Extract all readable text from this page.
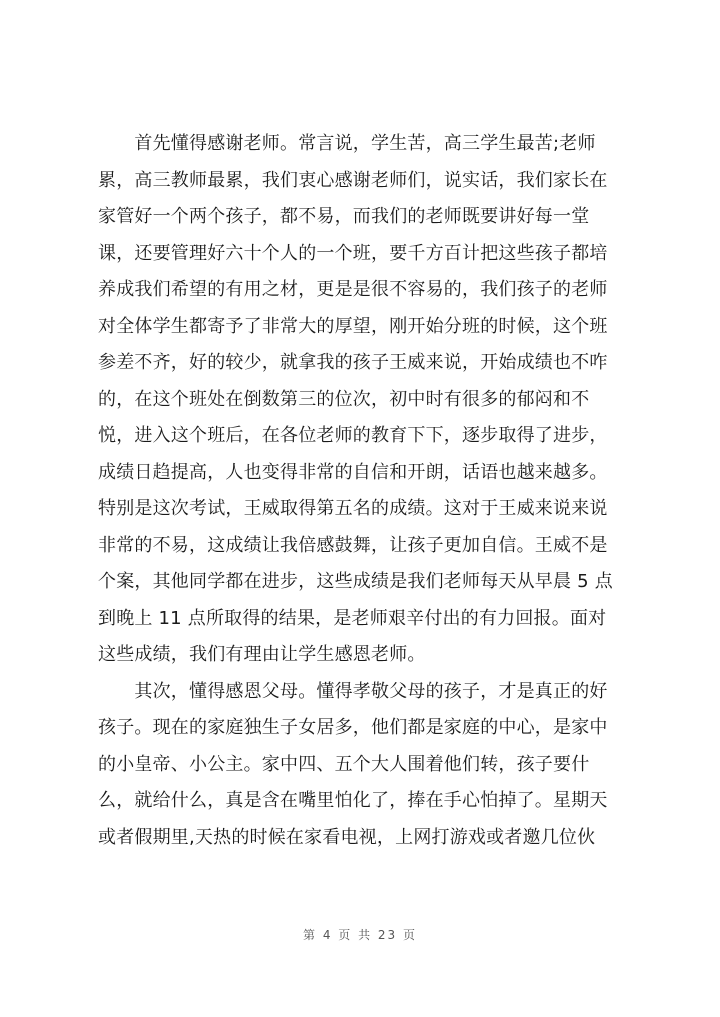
　　首先懂得感谢老师。常言说，学生苦，高三学生最苦;老师
累，高三教师最累，我们衷心感谢老师们，说实话，我们家长在
家管好一个两个孩子，都不易，而我们的老师既要讲好每一堂
课，还要管理好六十个人的一个班，要千方百计把这些孩子都培
养成我们希望的有用之材，更是是很不容易的，我们孩子的老师
对全体学生都寄予了非常大的厚望，刚开始分班的时候，这个班
参差不齐，好的较少，就拿我的孩子王威来说，开始成绩也不咋
的，在这个班处在倒数第三的位次，初中时有很多的郁闷和不
悦，进入这个班后，在各位老师的教育下下，逐步取得了进步，
成绩日趋提高，人也变得非常的自信和开朗，话语也越来越多。
特别是这次考试，王威取得第五名的成绩。这对于王威来说来说
非常的不易，这成绩让我倍感鼓舞，让孩子更加自信。王威不是
个案，其他同学都在进步，这些成绩是我们老师每天从早晨 5 点
到晚上 11 点所取得的结果，是老师艰辛付出的有力回报。面对
这些成绩，我们有理由让学生感恩老师。
　　其次，懂得感恩父母。懂得孝敬父母的孩子，才是真正的好
孩子。现在的家庭独生子女居多，他们都是家庭的中心，是家中
的小皇帝、小公主。家中四、五个大人围着他们转，孩子要什
么，就给什么，真是含在嘴里怕化了，捧在手心怕掉了。星期天
或者假期里,天热的时候在家看电视，上网打游戏或者邀几位伙
第 4 页 共 23 页
